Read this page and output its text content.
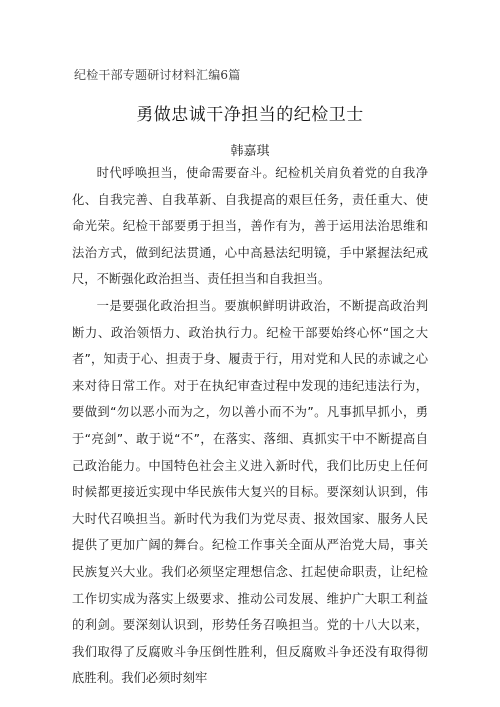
纪检干部专题研讨材料汇编6篇
勇做忠诚干净担当的纪检卫士
韩嘉琪

时代呼唤担当，使命需要奋斗。纪检机关肩负着党的自我净化、自我完善、自我革新、自我提高的艰巨任务，责任重大、使命光荣。纪检干部要勇于担当，善作有为，善于运用法治思维和法治方式，做到纪法贯通，心中高悬法纪明镜，手中紧握法纪戒尺，不断强化政治担当、责任担当和自我担当。

一是要强化政治担当。要旗帜鲜明讲政治，不断提高政治判断力、政治领悟力、政治执行力。纪检干部要始终心怀“国之大者”，知责于心、担责于身、履责于行，用对党和人民的赤诚之心来对待日常工作。对于在执纪审查过程中发现的违纪违法行为，要做到“勿以恶小而为之，勿以善小而不为”。凡事抓早抓小，勇于“亮剑”、敢于说“不”，在落实、落细、真抓实干中不断提高自己政治能力。中国特色社会主义进入新时代，我们比历史上任何时候都更接近实现中华民族伟大复兴的目标。要深刻认识到，伟大时代召唤担当。新时代为我们为党尽责、报效国家、服务人民提供了更加广阔的舞台。纪检工作事关全面从严治党大局，事关民族复兴大业。我们必须坚定理想信念、扛起使命职责，让纪检工作切实成为落实上级要求、推动公司发展、维护广大职工利益的利剑。要深刻认识到，形势任务召唤担当。党的十八大以来，我们取得了反腐败斗争压倒性胜利，但反腐败斗争还没有取得彻底胜利。我们必须时刻牢
